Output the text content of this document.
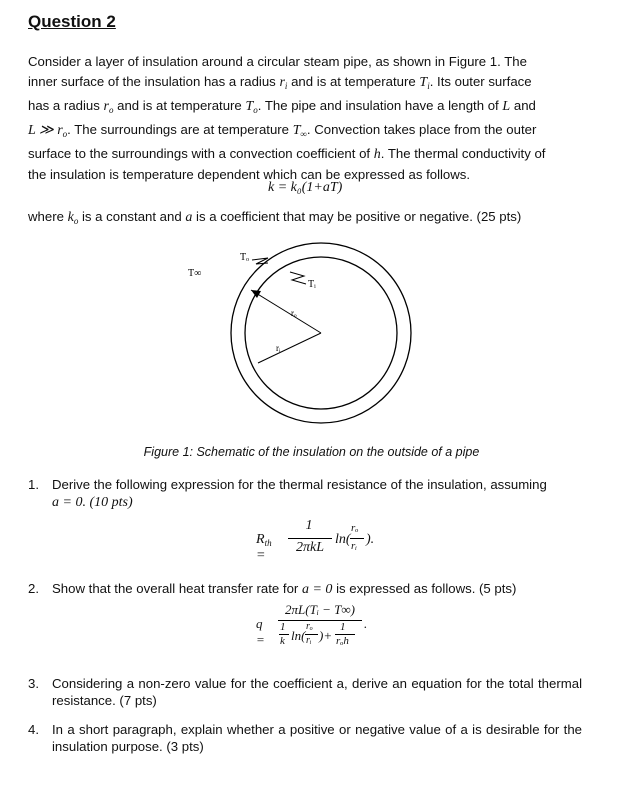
Question 2
Consider a layer of insulation around a circular steam pipe, as shown in Figure 1. The
inner surface of the insulation has a radius $r_i$ and is at temperature $T_i$. Its outer surface
has a radius $r_o$ and is at temperature $T_o$. The pipe and insulation have a length of L and
L ≫ $r_o$. The surroundings are at temperature $T_\infty$. Convection takes place from the outer
surface to the surroundings with a convection coefficient of h. The thermal conductivity of
the insulation is temperature dependent which can be expressed as follows.
k = k₀(1+aT)
where $k_o$ is a constant and a is a coefficient that may be positive or negative. (25 pts)
T∞
Tₒ
Tᵢ
rₒ
rᵢ
Figure 1: Schematic of the insulation on the outside of a pipe
1. Derive the following expression for the thermal resistance of the insulation, assuming
a = 0. (10 pts)
$R_{th}$ =
1
2πkL
ln(
rₒ
rᵢ ).
2. Show that the overall heat transfer rate for a = 0 is expressed as follows. (5 pts)
q =
2πL(Tᵢ − T∞)
1
k ln(
rₒ
rᵢ )+
1
rₒh
.
3. Considering a non-zero value for the coefficient a, derive an equation for the total thermal resistance. (7 pts)
4. In a short paragraph, explain whether a positive or negative value of a is desirable for the insulation purpose. (3 pts)
